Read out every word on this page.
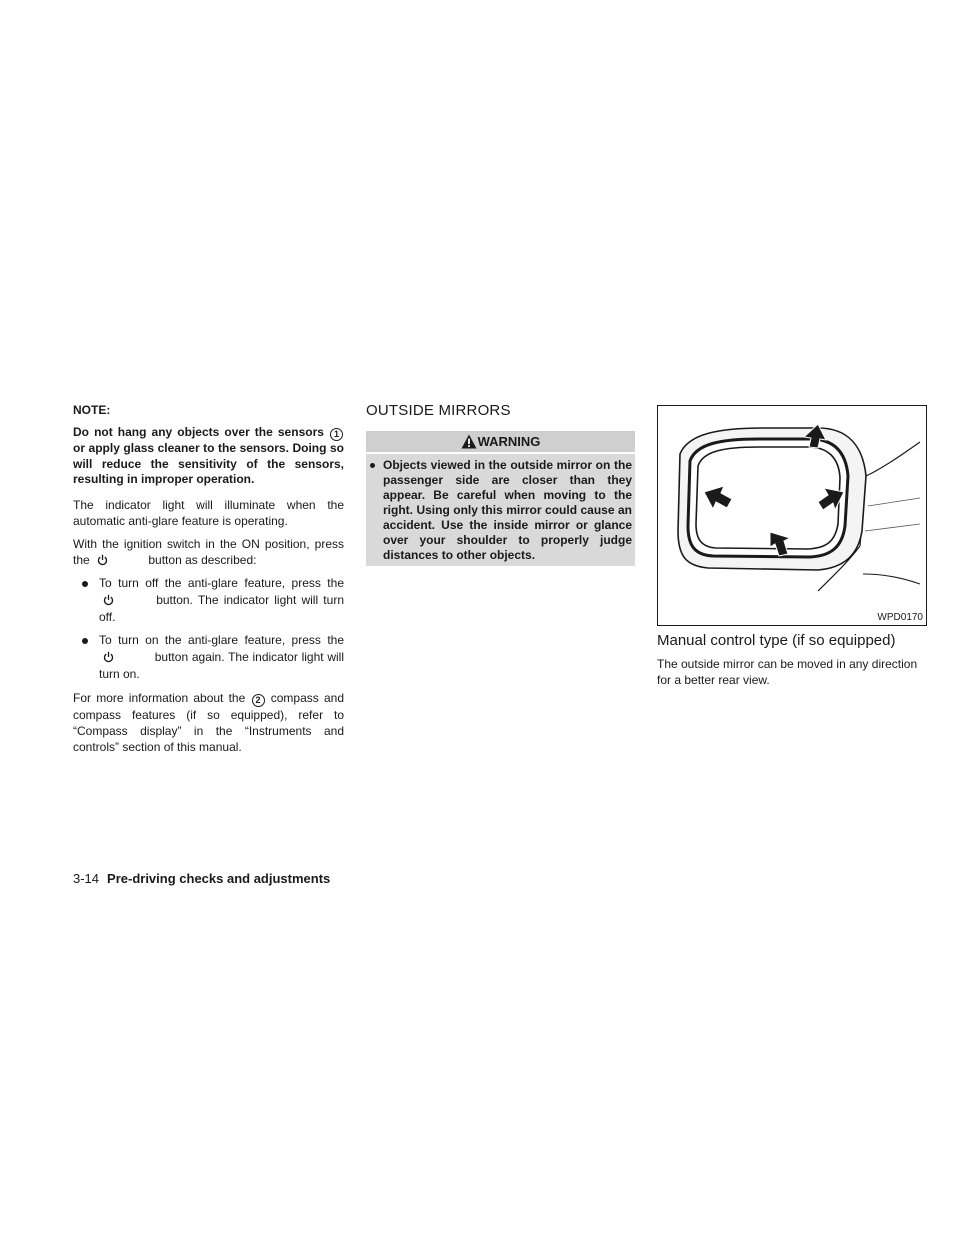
NOTE:

Do not hang any objects over the sensors 1 or apply glass cleaner to the sensors. Doing so will reduce the sensitivity of the sensors, resulting in improper operation.

The indicator light will illuminate when the automatic anti-glare feature is operating.

With the ignition switch in the ON position, press the	button as described:

To turn off the anti-glare feature, press the  button. The indicator light will turn off.
To turn on the anti-glare feature, press the  button again. The indicator light will turn on.

For more information about the 2 compass and compass features (if so equipped), refer to “Compass display” in the “Instruments and controls” section of this manual.

OUTSIDE MIRRORS
WARNING
Objects viewed in the outside mirror on the passenger side are closer than they appear. Be careful when moving to the right. Using only this mirror could cause an accident. Use the inside mirror or glance over your shoulder to properly judge distances to other objects.
WPD0170
Manual control type (if so equipped)

The outside mirror can be moved in any direction for a better rear view.

3-14 Pre-driving checks and adjustments
